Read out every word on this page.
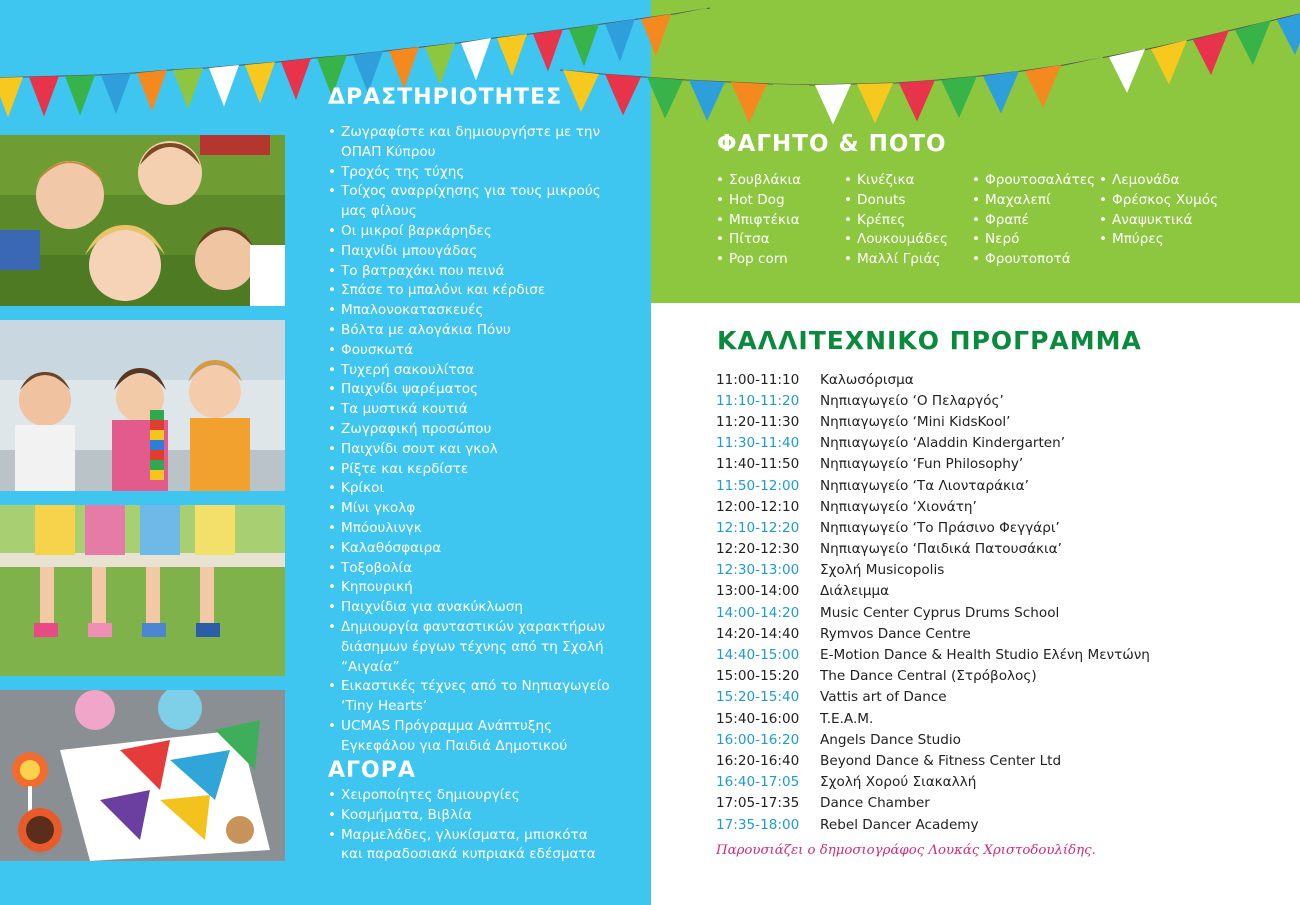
ΔΡΑΣΤΗΡΙΟΤΗΤΕΣ
• Ζωγραφίστε και δημιουργήστε με την
ΟΠΑΠ Κύπρου
• Τροχός της τύχης
• Τοίχος αναρρίχησης για τους μικρούς
μας φίλους
• Οι μικροί βαρκάρηδες
• Παιχνίδι μπουγάδας
• Το βατραχάκι που πεινά
• Σπάσε το μπαλόνι και κέρδισε
• Μπαλονοκατασκευές
• Βόλτα με αλογάκια Πόνυ
• Φουσκωτά
• Τυχερή σακουλίτσα
• Παιχνίδι ψαρέματος
• Τα μυστικά κουτιά
• Ζωγραφική προσώπου
• Παιχνίδι σουτ και γκολ
• Ρίξτε και κερδίστε
• Κρίκοι
• Μίνι γκολφ
• Μπόουλινγκ
• Καλαθόσφαιρα
• Τοξοβολία
• Κηπουρική
• Παιχνίδια για ανακύκλωση
• Δημιουργία φανταστικών χαρακτήρων
διάσημων έργων τέχνης από τη Σχολή
“Αιγαία”
• Εικαστικές τέχνες από το Νηπιαγωγείο
‘Tiny Hearts’
• UCMAS Πρόγραμμα Ανάπτυξης
Εγκεφάλου για Παιδιά Δημοτικού
ΑΓΟΡΑ
• Χειροποίητες δημιουργίες
• Κοσμήματα, Βιβλία
• Μαρμελάδες, γλυκίσματα, μπισκότα
και παραδοσιακά κυπριακά εδέσματα
ΦΑΓΗΤΟ & ΠΟΤΟ
• Σουβλάκια
• Hot Dog
• Μπιφτέκια
• Πίτσα
• Pop corn
• Κινέζικα
• Donuts
• Κρέπες
• Λουκουμάδες
• Μαλλί Γριάς
• Φρουτοσαλάτες
• Μαχαλεπί
• Φραπέ
• Νερό
• Φρουτοποτά
• Λεμονάδα
• Φρέσκος Χυμός
• Αναψυκτικά
• Μπύρες
ΚΑΛΛΙΤΕΧΝΙΚΟ ΠΡΟΓΡΑΜΜΑ
11:00-11:10	Καλωσόρισμα
11:10-11:20	Νηπιαγωγείο ‘Ο Πελαργός’
11:20-11:30	Νηπιαγωγείο ‘Mini KidsKool’
11:30-11:40	Νηπιαγωγείο ‘Aladdin Kindergarten’
11:40-11:50	Νηπιαγωγείο ‘Fun Philosophy’
11:50-12:00	Νηπιαγωγείο ‘Τα Λιονταράκια’
12:00-12:10	Νηπιαγωγείο ‘Χιονάτη’
12:10-12:20	Νηπιαγωγείο ‘Το Πράσινο Φεγγάρι’
12:20-12:30	Νηπιαγωγείο ‘Παιδικά Πατουσάκια’
12:30-13:00	Σχολή Musicopolis
13:00-14:00	Διάλειμμα
14:00-14:20	Music Center Cyprus Drums School
14:20-14:40	Rymvos Dance Centre
14:40-15:00	E-Motion Dance & Health Studio Ελένη Μεντώνη
15:00-15:20	The Dance Central (Στρόβολος)
15:20-15:40	Vattis art of Dance
15:40-16:00	T.E.A.M.
16:00-16:20	Angels Dance Studio
16:20-16:40	Beyond Dance & Fitness Center Ltd
16:40-17:05	Σχολή Χορού Σιακαλλή
17:05-17:35	Dance Chamber
17:35-18:00	Rebel Dancer Academy
Παρουσιάζει ο δημοσιογράφος Λουκάς Χριστοδουλίδης.
